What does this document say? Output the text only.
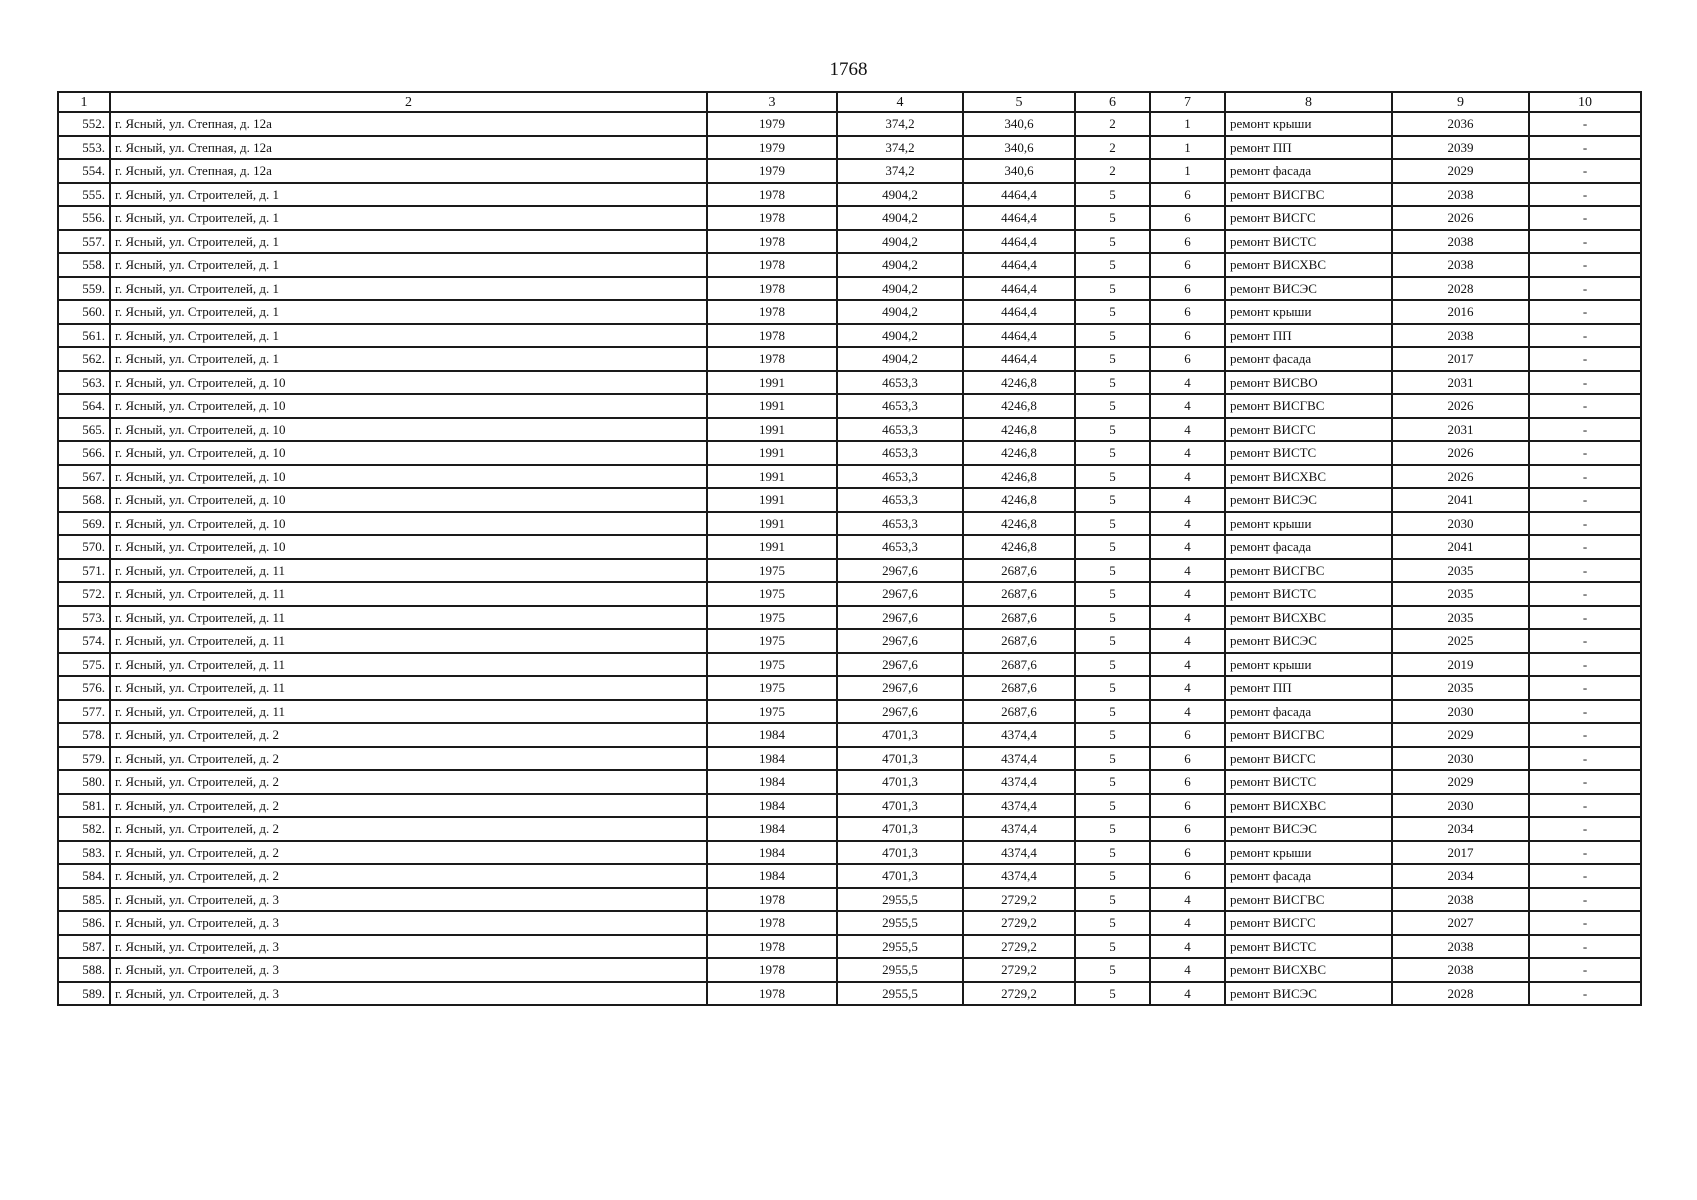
1768
1	2	3	4	5	6	7	8	9	10
552.	г. Ясный, ул. Степная, д. 12а	1979	374,2	340,6	2	1	ремонт крыши	2036	-
553.	г. Ясный, ул. Степная, д. 12а	1979	374,2	340,6	2	1	ремонт ПП	2039	-
554.	г. Ясный, ул. Степная, д. 12а	1979	374,2	340,6	2	1	ремонт фасада	2029	-
555.	г. Ясный, ул. Строителей, д. 1	1978	4904,2	4464,4	5	6	ремонт ВИСГВС	2038	-
556.	г. Ясный, ул. Строителей, д. 1	1978	4904,2	4464,4	5	6	ремонт ВИСГС	2026	-
557.	г. Ясный, ул. Строителей, д. 1	1978	4904,2	4464,4	5	6	ремонт ВИСТС	2038	-
558.	г. Ясный, ул. Строителей, д. 1	1978	4904,2	4464,4	5	6	ремонт ВИСХВС	2038	-
559.	г. Ясный, ул. Строителей, д. 1	1978	4904,2	4464,4	5	6	ремонт ВИСЭС	2028	-
560.	г. Ясный, ул. Строителей, д. 1	1978	4904,2	4464,4	5	6	ремонт крыши	2016	-
561.	г. Ясный, ул. Строителей, д. 1	1978	4904,2	4464,4	5	6	ремонт ПП	2038	-
562.	г. Ясный, ул. Строителей, д. 1	1978	4904,2	4464,4	5	6	ремонт фасада	2017	-
563.	г. Ясный, ул. Строителей, д. 10	1991	4653,3	4246,8	5	4	ремонт ВИСВО	2031	-
564.	г. Ясный, ул. Строителей, д. 10	1991	4653,3	4246,8	5	4	ремонт ВИСГВС	2026	-
565.	г. Ясный, ул. Строителей, д. 10	1991	4653,3	4246,8	5	4	ремонт ВИСГС	2031	-
566.	г. Ясный, ул. Строителей, д. 10	1991	4653,3	4246,8	5	4	ремонт ВИСТС	2026	-
567.	г. Ясный, ул. Строителей, д. 10	1991	4653,3	4246,8	5	4	ремонт ВИСХВС	2026	-
568.	г. Ясный, ул. Строителей, д. 10	1991	4653,3	4246,8	5	4	ремонт ВИСЭС	2041	-
569.	г. Ясный, ул. Строителей, д. 10	1991	4653,3	4246,8	5	4	ремонт крыши	2030	-
570.	г. Ясный, ул. Строителей, д. 10	1991	4653,3	4246,8	5	4	ремонт фасада	2041	-
571.	г. Ясный, ул. Строителей, д. 11	1975	2967,6	2687,6	5	4	ремонт ВИСГВС	2035	-
572.	г. Ясный, ул. Строителей, д. 11	1975	2967,6	2687,6	5	4	ремонт ВИСТС	2035	-
573.	г. Ясный, ул. Строителей, д. 11	1975	2967,6	2687,6	5	4	ремонт ВИСХВС	2035	-
574.	г. Ясный, ул. Строителей, д. 11	1975	2967,6	2687,6	5	4	ремонт ВИСЭС	2025	-
575.	г. Ясный, ул. Строителей, д. 11	1975	2967,6	2687,6	5	4	ремонт крыши	2019	-
576.	г. Ясный, ул. Строителей, д. 11	1975	2967,6	2687,6	5	4	ремонт ПП	2035	-
577.	г. Ясный, ул. Строителей, д. 11	1975	2967,6	2687,6	5	4	ремонт фасада	2030	-
578.	г. Ясный, ул. Строителей, д. 2	1984	4701,3	4374,4	5	6	ремонт ВИСГВС	2029	-
579.	г. Ясный, ул. Строителей, д. 2	1984	4701,3	4374,4	5	6	ремонт ВИСГС	2030	-
580.	г. Ясный, ул. Строителей, д. 2	1984	4701,3	4374,4	5	6	ремонт ВИСТС	2029	-
581.	г. Ясный, ул. Строителей, д. 2	1984	4701,3	4374,4	5	6	ремонт ВИСХВС	2030	-
582.	г. Ясный, ул. Строителей, д. 2	1984	4701,3	4374,4	5	6	ремонт ВИСЭС	2034	-
583.	г. Ясный, ул. Строителей, д. 2	1984	4701,3	4374,4	5	6	ремонт крыши	2017	-
584.	г. Ясный, ул. Строителей, д. 2	1984	4701,3	4374,4	5	6	ремонт фасада	2034	-
585.	г. Ясный, ул. Строителей, д. 3	1978	2955,5	2729,2	5	4	ремонт ВИСГВС	2038	-
586.	г. Ясный, ул. Строителей, д. 3	1978	2955,5	2729,2	5	4	ремонт ВИСГС	2027	-
587.	г. Ясный, ул. Строителей, д. 3	1978	2955,5	2729,2	5	4	ремонт ВИСТС	2038	-
588.	г. Ясный, ул. Строителей, д. 3	1978	2955,5	2729,2	5	4	ремонт ВИСХВС	2038	-
589.	г. Ясный, ул. Строителей, д. 3	1978	2955,5	2729,2	5	4	ремонт ВИСЭС	2028	-
